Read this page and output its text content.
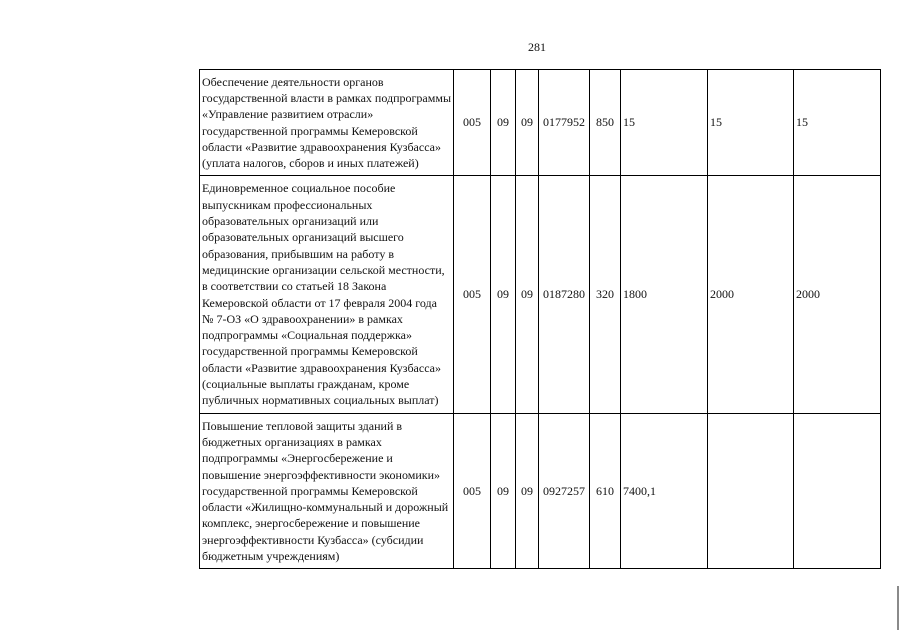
281
Обеспечение деятельности органов государственной власти в рамках подпрограммы «Управление развитием отрасли» государственной программы Кемеровской области «Развитие здравоохранения Кузбасса» (уплата налогов, сборов и иных платежей)	005	09	09	0177952	850	15	15	15
Единовременное социальное пособие выпускникам профессиональных образовательных организаций или образовательных организаций высшего образования, прибывшим на работу в медицинские организации сельской местности, в соответствии со статьей 18 Закона Кемеровской области от 17 февраля 2004 года № 7-ОЗ «О здравоохранении» в рамках подпрограммы «Социальная поддержка» государственной программы Кемеровской области «Развитие здравоохранения Кузбасса» (социальные выплаты гражданам, кроме публичных нормативных социальных выплат)	005	09	09	0187280	320	1800	2000	2000
Повышение тепловой защиты зданий в бюджетных организациях в рамках подпрограммы «Энергосбережение и повышение энергоэффективности экономики» государственной программы Кемеровской области «Жилищно-коммунальный и дорожный комплекс, энергосбережение и повышение энергоэффективности Кузбасса» (субсидии бюджетным учреждениям)	005	09	09	0927257	610	7400,1		
